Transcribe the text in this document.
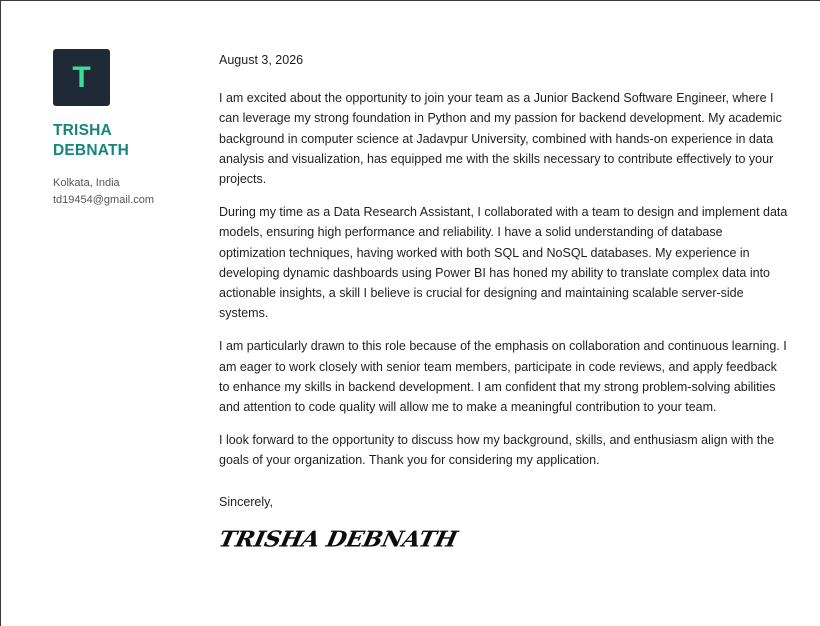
T
TRISHA
DEBNATH
Kolkata, India
td19454@gmail.com

August 3, 2026

I am excited about the opportunity to join your team as a Junior Backend Software Engineer, where I can leverage my strong foundation in Python and my passion for backend development. My academic background in computer science at Jadavpur University, combined with hands-on experience in data analysis and visualization, has equipped me with the skills necessary to contribute effectively to your projects.

During my time as a Data Research Assistant, I collaborated with a team to design and implement data models, ensuring high performance and reliability. I have a solid understanding of database optimization techniques, having worked with both SQL and NoSQL databases. My experience in developing dynamic dashboards using Power BI has honed my ability to translate complex data into actionable insights, a skill I believe is crucial for designing and maintaining scalable server-side systems.

I am particularly drawn to this role because of the emphasis on collaboration and continuous learning. I am eager to work closely with senior team members, participate in code reviews, and apply feedback to enhance my skills in backend development. I am confident that my strong problem-solving abilities and attention to code quality will allow me to make a meaningful contribution to your team.

I look forward to the opportunity to discuss how my background, skills, and enthusiasm align with the goals of your organization. Thank you for considering my application.

Sincerely,

TRISHA DEBNATH
